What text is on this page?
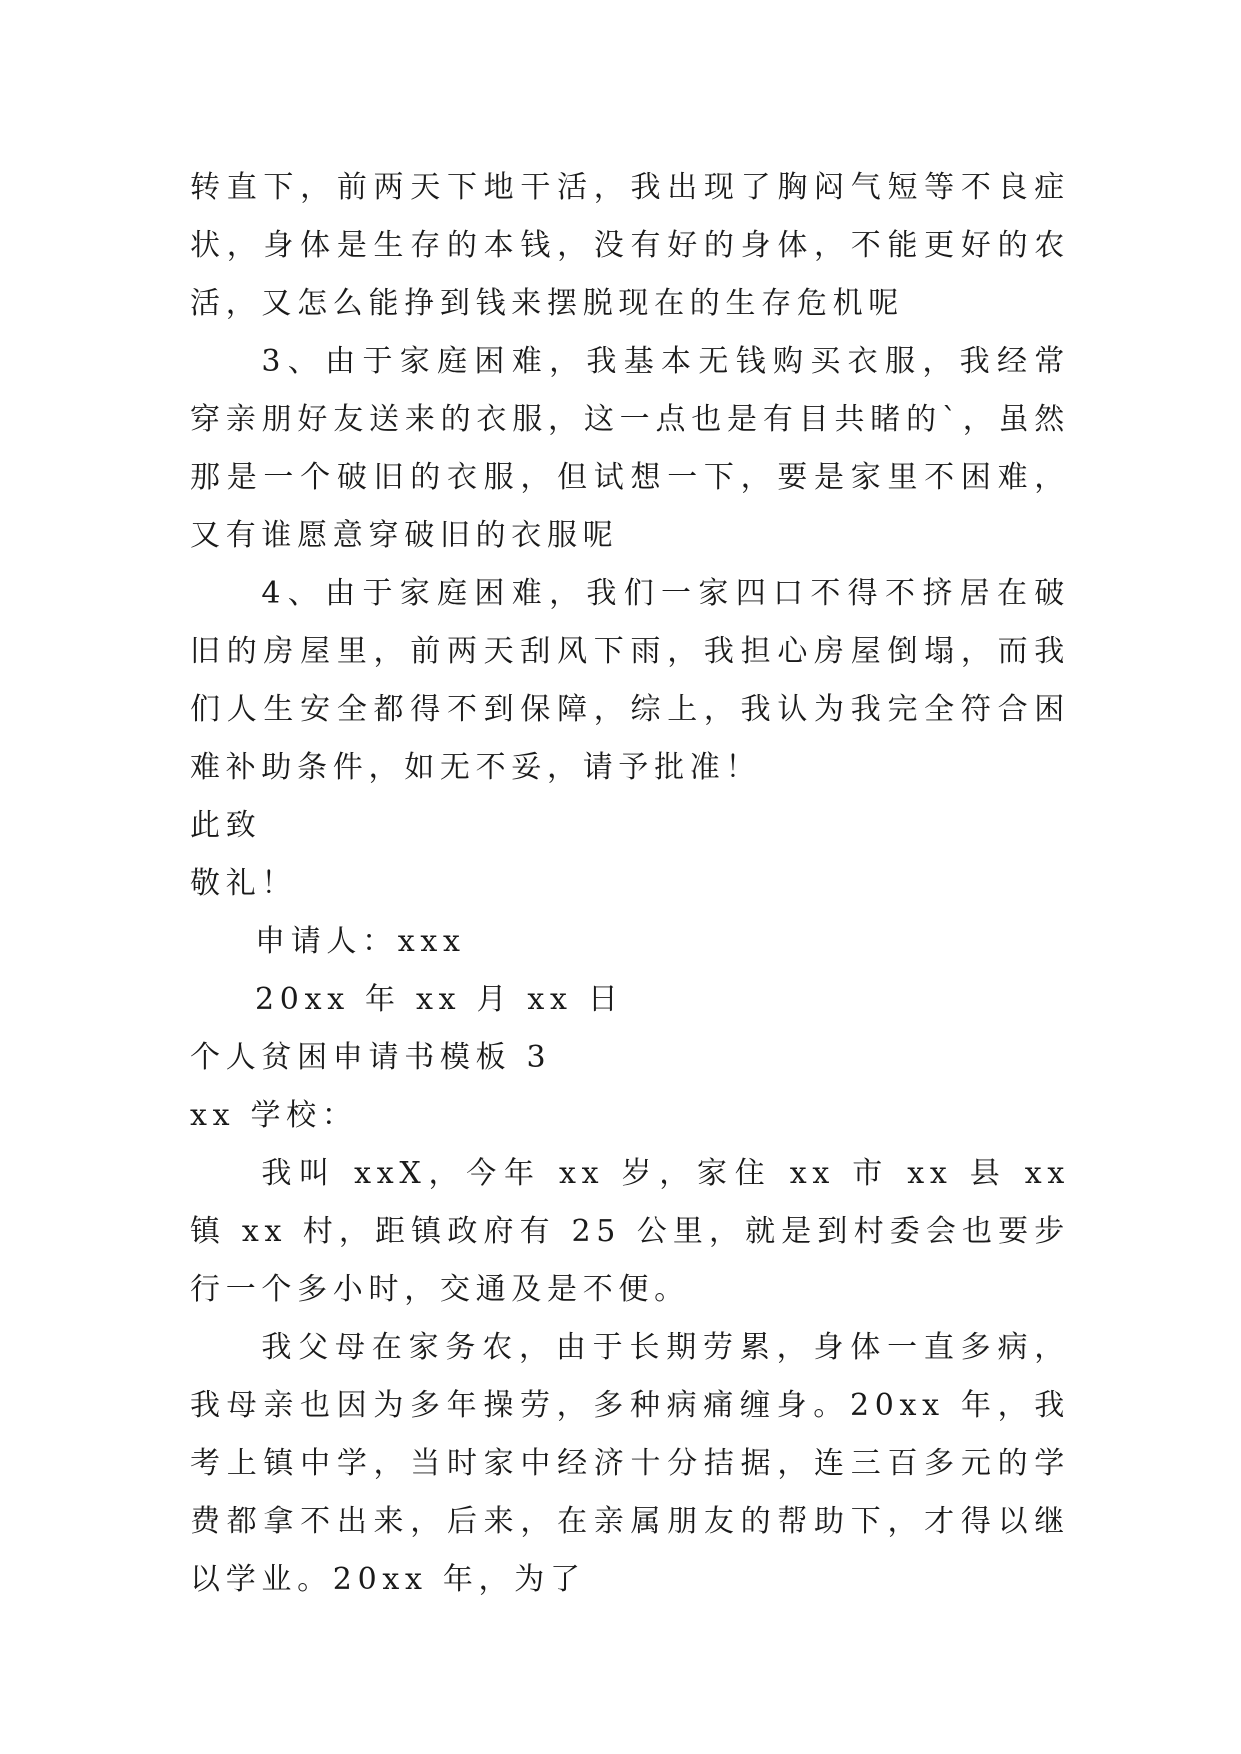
转直下，前两天下地干活，我出现了胸闷气短等不良症状，身体是生存的本钱，没有好的身体，不能更好的农活，又怎么能挣到钱来摆脱现在的生存危机呢

3、由于家庭困难，我基本无钱购买衣服，我经常穿亲朋好友送来的衣服，这一点也是有目共睹的`，虽然那是一个破旧的衣服，但试想一下，要是家里不困难，又有谁愿意穿破旧的衣服呢

4、由于家庭困难，我们一家四口不得不挤居在破旧的房屋里，前两天刮风下雨，我担心房屋倒塌，而我们人生安全都得不到保障，综上，我认为我完全符合困难补助条件，如无不妥，请予批准！

此致

敬礼！

申请人：xxx

20xx 年 xx 月 xx 日

个人贫困申请书模板 3

xx 学校：

我叫 xxX，今年 xx 岁，家住 xx 市 xx 县 xx 镇 xx 村，距镇政府有 25 公里，就是到村委会也要步行一个多小时，交通及是不便。

我父母在家务农，由于长期劳累，身体一直多病，我母亲也因为多年操劳，多种病痛缠身。20xx 年，我考上镇中学，当时家中经济十分拮据，连三百多元的学费都拿不出来，后来，在亲属朋友的帮助下，才得以继以学业。20xx 年，为了
